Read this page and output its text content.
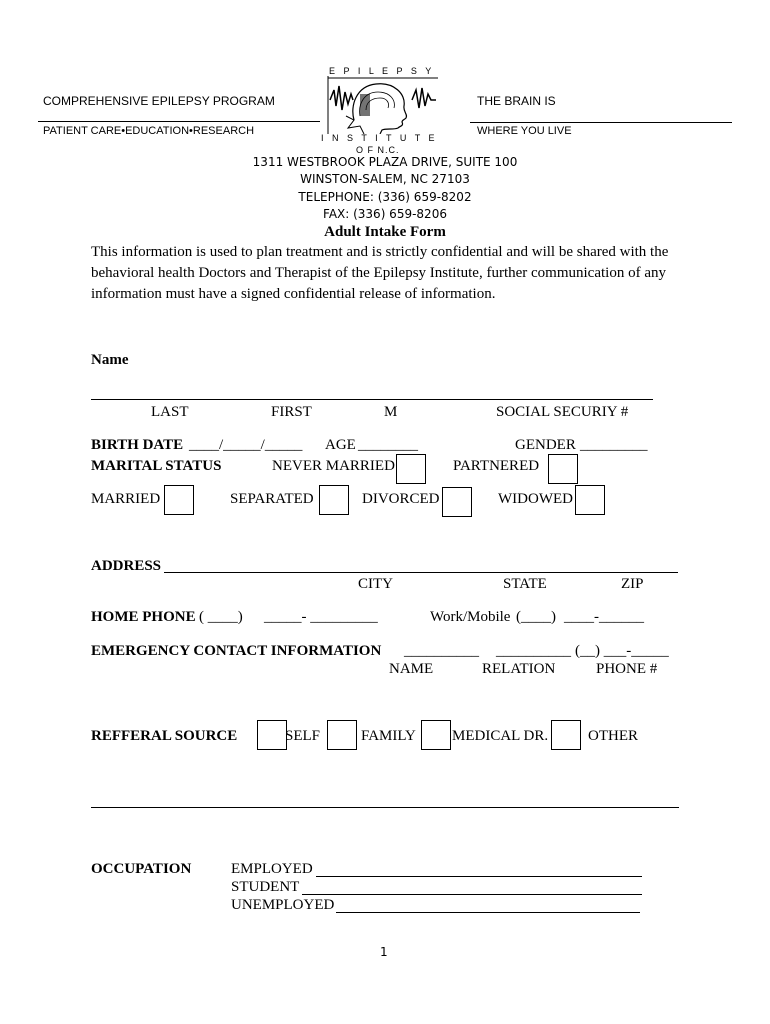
COMPREHENSIVE EPILEPSY PROGRAM
PATIENT CARE•EDUCATION•RESEARCH
THE BRAIN IS
WHERE YOU LIVE
E P I L E P S Y
I N S T I T U T E
O F N.C.
1311 WESTBROOK PLAZA DRIVE, SUITE 100
WINSTON-SALEM, NC 27103
TELEPHONE: (336) 659-8202
FAX: (336) 659-8206
Adult Intake Form
This information is used to plan treatment and is strictly confidential and will be shared with the
behavioral health Doctors and Therapist of the Epilepsy Institute, further communication of any
information must have a signed confidential release of information.
Name
LAST	FIRST	M	SOCIAL SECURIY #
BIRTH DATE ____/_____/_____ AGE ________	GENDER _________
MARITAL STATUS	NEVER MARRIED	PARTNERED
MARRIED	SEPARATED	DIVORCED	WIDOWED
ADDRESS
CITY	STATE	ZIP
HOME PHONE ( ____) _____- _________	Work/Mobile (____) ____-______
EMERGENCY CONTACT INFORMATION __________ __________ (__) ___-_____
NAME	RELATION	PHONE #
REFFERAL SOURCE	SELF	FAMILY MEDICAL DR.	OTHER
OCCUPATION	EMPLOYED
STUDENT
UNEMPLOYED
1
